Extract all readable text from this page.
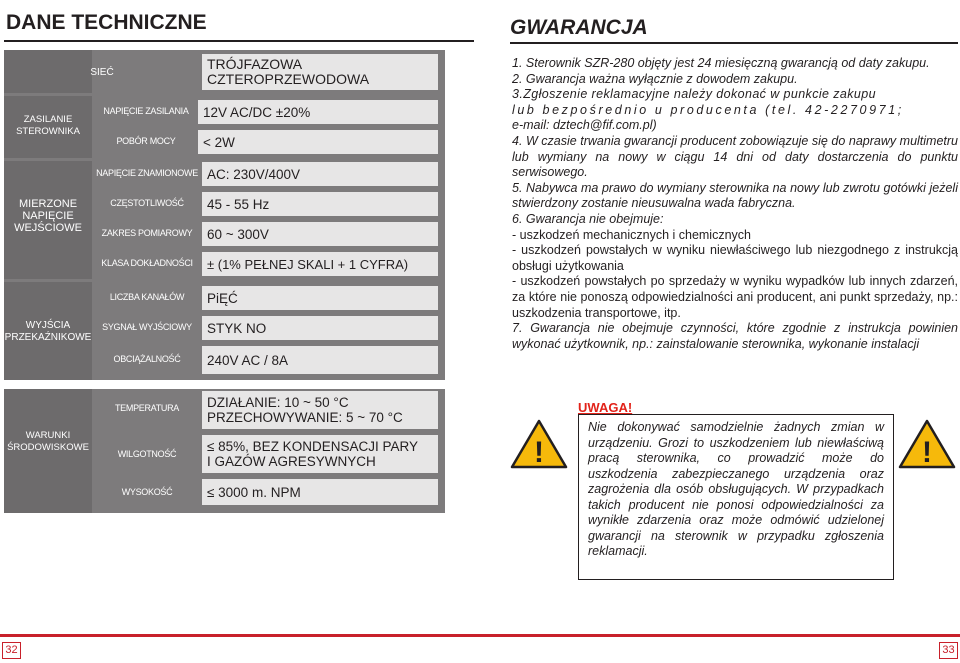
DANE TECHNICZNE
SIEĆ
TRÓJFAZOWA CZTEROPRZEWODOWA
ZASILANIE STEROWNIKA
NAPIĘCIE ZASILANIA	12V AC/DC ±20%
POBÓR MOCY	< 2W
MIERZONE NAPIĘCIE WEJŚCIOWE
NAPIĘCIE ZNAMIONOWE AC: 230V/400V
CZĘSTOTLIWOŚĆ	45 - 55 Hz
ZAKRES POMIAROWY	60 ~ 300V
KLASA DOKŁADNOŚCI	± (1% PEŁNEJ SKALI + 1 CYFRA)
WYJŚCIA PRZEKAŹNIKOWE
LICZBA KANAŁÓW	PiĘĆ
SYGNAŁ WYJŚCIOWY	STYK NO
OBCIĄŻALNOŚĆ	240V AC / 8A
WARUNKI ŚRODOWISKOWE
TEMPERATURA	DZIAŁANIE: 10 ~ 50 °C
PRZECHOWYWANIE: 5 ~ 70 °C
WILGOTNOŚĆ	≤ 85%, BEZ KONDENSACJI PARY
I GAZÓW AGRESYWNYCH
WYSOKOŚĆ	≤ 3000 m. NPM
GWARANCJA

1. Sterownik SZR-280 objęty jest 24 miesięczną gwarancją od daty zakupu.

2. Gwarancja ważna wyłącznie z dowodem zakupu.

3.Zgłoszenie reklamacyjne należy dokonać w punkcie zakupu

lub bezpośrednio u producenta (tel. 42-2270971;

e-mail: dztech@fif.com.pl)

4. W czasie trwania gwarancji producent zobowiązuje się do naprawy multimetru lub wymiany na nowy w ciągu 14 dni od daty dostarczenia do punktu serwisowego.

5. Nabywca ma prawo do wymiany sterownika na nowy lub zwrotu gotówki jeżeli stwierdzony zostanie nieusuwalna wada fabryczna.

6. Gwarancja nie obejmuje:

- uszkodzeń mechanicznych i chemicznych

- uszkodzeń powstałych w wyniku niewłaściwego lub niezgodnego z instrukcją obsługi użytkowania

- uszkodzeń powstałych po sprzedaży w wyniku wypadków lub innych zdarzeń, za które nie ponoszą odpowiedzialności ani producent, ani punkt sprzedaży, np.: uszkodzenia transportowe, itp.

7. Gwarancja nie obejmuje czynności, które zgodnie z instrukcja powinien wykonać użytkownik, np.: zainstalowanie sterownika, wykonanie instalacji

UWAGA!
!
Nie dokonywać samodzielnie żadnych zmian w urządzeniu. Grozi to uszkodzeniem lub niewłaściwą pracą sterownika, co prowadzić może do uszkodzenia zabezpieczanego urządzenia oraz zagrożenia dla osób obsługujących. W przypadkach takich producent nie ponosi odpowiedzialności za wynikłe zdarzenia oraz może odmówić udzielonej gwarancji na sterownik w przypadku zgłoszenia reklamacji.
!
32	33
